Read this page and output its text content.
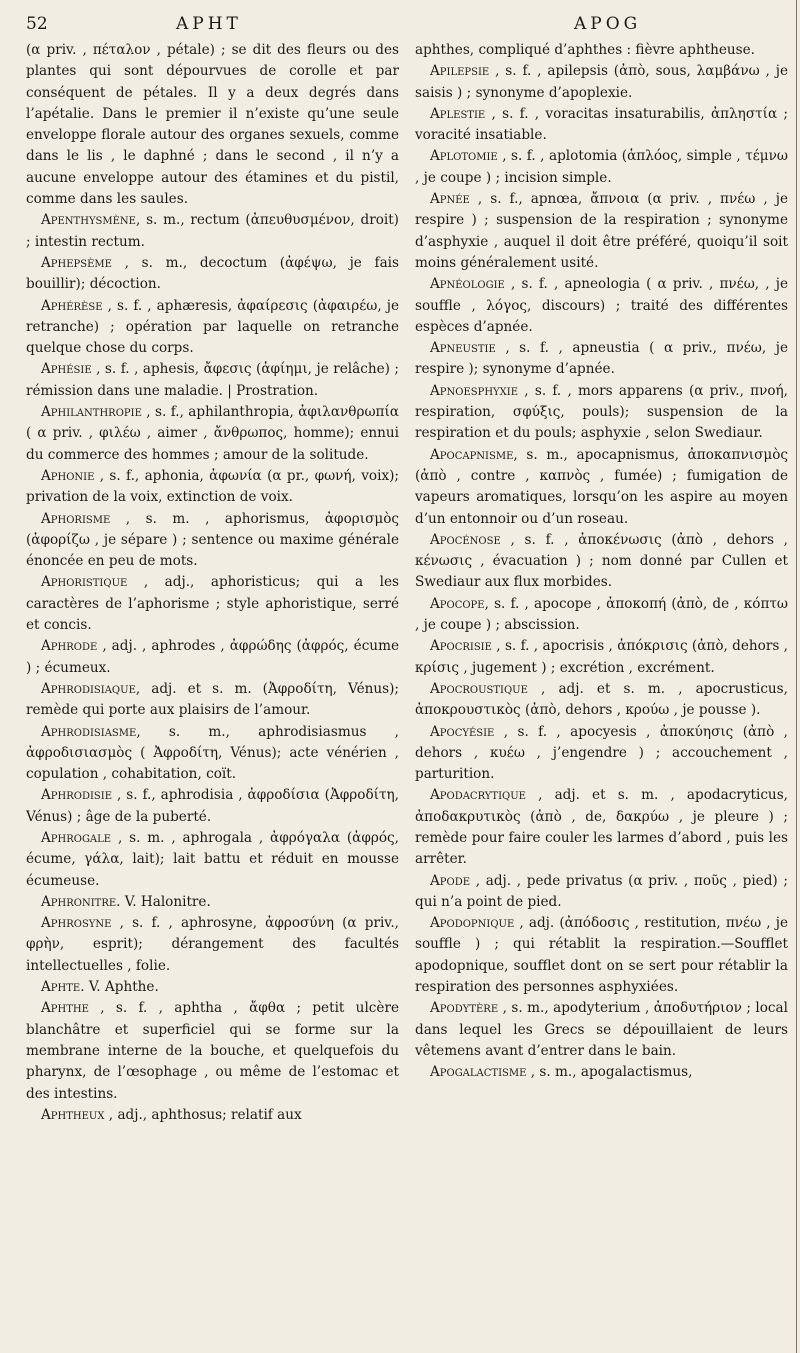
52	APHT	APOG

(α priv. , πέταλον , pétale) ; se dit des fleurs ou des plantes qui sont dépourvues de corolle et par conséquent de pétales. Il y a deux degrés dans l’apétalie. Dans le premier il n’existe qu’une seule enveloppe florale autour des organes sexuels, comme dans le lis , le daphné ; dans le second , il n’y a aucune enveloppe autour des étamines et du pistil, comme dans les saules.

Apenthysmène, s. m., rectum (ἀπευθυσμένον, droit) ; intestin rectum.

Aphepsème , s. m., decoctum (ἀφέψω, je fais bouillir); décoction.

Aphérèse , s. f. , aphæresis, ἀφαίρεσις (ἀφαιρέω, je retranche) ; opération par laquelle on retranche quelque chose du corps.

Aphésie , s. f. , aphesis, ἄφεσις (ἀφίημι, je relâche) ; rémission dans une maladie. | Prostration.

Aphilanthropie , s. f., aphilanthropia, ἀφιλανθρωπία ( α priv. , φιλέω , aimer , ἄνθρωπος, homme); ennui du commerce des hommes ; amour de la solitude.

Aphonie , s. f., aphonia, ἀφωνία (α pr., φωνή, voix); privation de la voix, extinction de voix.

Aphorisme , s. m. , aphorismus, ἀφορισμὸς (ἀφορίζω , je sépare ) ; sentence ou maxime générale énoncée en peu de mots.

Aphoristique , adj., aphoristicus; qui a les caractères de l’aphorisme ; style aphoristique, serré et concis.

Aphrode , adj. , aphrodes , ἀφρώδης (ἀφρός, écume ) ; écumeux.

Aphrodisiaque, adj. et s. m. (Ἀφροδίτη, Vénus); remède qui porte aux plaisirs de l’amour.

Aphrodisiasme, s. m., aphrodisiasmus , ἀφροδισιασμὸς ( Ἀφροδίτη, Vénus); acte vénérien , copulation , cohabitation, coït.

Aphrodisie , s. f., aphrodisia , ἀφροδίσια (Ἀφροδίτη, Vénus) ; âge de la puberté.

Aphrogale , s. m. , aphrogala , ἀφρόγαλα (ἀφρός, écume, γάλα, lait); lait battu et réduit en mousse écumeuse.

Aphronitre. V. Halonitre.

Aphrosyne , s. f. , aphrosyne, ἀφροσύνη (α priv., φρὴν, esprit); dérangement des facultés intellectuelles , folie.

Aphte. V. Aphthe.

Aphthe , s. f. , aphtha , ἄφθα ; petit ulcère blanchâtre et superficiel qui se forme sur la membrane interne de la bouche, et quelquefois du pharynx, de l’œsophage , ou même de l’estomac et des intestins.

Aphtheux , adj., aphthosus; relatif aux

aphthes, compliqué d’aphthes : fièvre aphtheuse.

Apilepsie , s. f. , apilepsis (ἀπὸ, sous, λαμβάνω , je saisis ) ; synonyme d’apoplexie.

Aplestie , s. f. , voracitas insaturabilis, ἀπληστία ; voracité insatiable.

Aplotomie , s. f. , aplotomia (ἁπλόος, simple , τέμνω , je coupe ) ; incision simple.

Apnée , s. f., apnœa, ἄπνοια (α priv. , πνέω , je respire ) ; suspension de la respiration ; synonyme d’asphyxie , auquel il doit être préféré, quoiqu’il soit moins généralement usité.

Apnéologie , s. f. , apneologia ( α priv. , πνέω, , je souffle , λόγος, discours) ; traité des différentes espèces d’apnée.

Apneustie , s. f. , apneustia ( α priv., πνέω, je respire ); synonyme d’apnée.

Apnoesphyxie , s. f. , mors apparens (α priv., πνοή, respiration, σφύξις, pouls); suspension de la respiration et du pouls; asphyxie , selon Swediaur.

Apocapnisme, s. m., apocapnismus, ἀποκαπνισμὸς (ἀπὸ , contre , καπνὸς , fumée) ; fumigation de vapeurs aromatiques, lorsqu’on les aspire au moyen d’un entonnoir ou d’un roseau.

Apocénose , s. f. , ἀποκένωσις (ἀπὸ , dehors , κένωσις , évacuation ) ; nom donné par Cullen et Swediaur aux flux morbides.

Apocope, s. f. , apocope , ἀποκοπή (ἀπὸ, de , κόπτω , je coupe ) ; abscission.

Apocrisie , s. f. , apocrisis , ἀπόκρισις (ἀπὸ, dehors , κρίσις , jugement ) ; excrétion , excrément.

Apocroustique , adj. et s. m. , apocrusticus, ἀποκρουστικὸς (ἀπὸ, dehors , κρούω , je pousse ).

Apocyésie , s. f. , apocyesis , ἀποκύησις (ἀπὸ , dehors , κυέω , j’engendre ) ; accouchement , parturition.

Apodacrytique , adj. et s. m. , apodacryticus, ἀποδακρυτικὸς (ἀπὸ , de, δακρύω , je pleure ) ; remède pour faire couler les larmes d’abord , puis les arrêter.

Apode , adj. , pede privatus (α priv. , ποῦς , pied) ; qui n’a point de pied.

Apodopnique , adj. (ἀπόδοσις , restitution, πνέω , je souffle ) ; qui rétablit la respiration.—Soufflet apodopnique, soufflet dont on se sert pour rétablir la respiration des personnes asphyxiées.

Apodytère , s. m., apodyterium , ἀποδυτήριον ; local dans lequel les Grecs se dépouillaient de leurs vêtemens avant d’entrer dans le bain.

Apogalactisme , s. m., apogalactismus,
